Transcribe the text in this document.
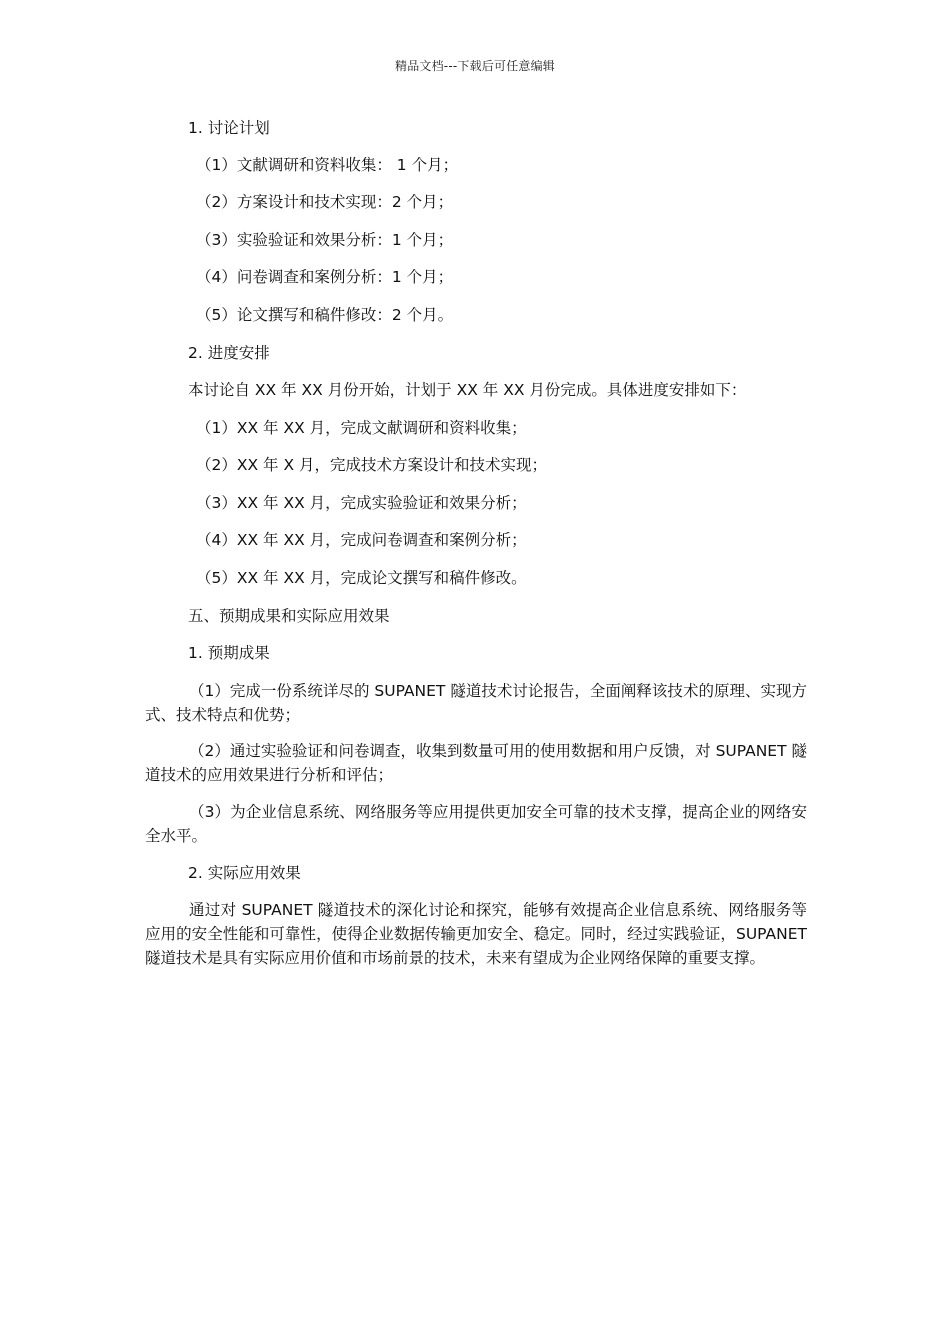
精品文档---下载后可任意编辑
1. 讨论计划
（1）文献调研和资料收集： 1 个月；
（2）方案设计和技术实现：2 个月；
（3）实验验证和效果分析：1 个月；
（4）问卷调查和案例分析：1 个月；
（5）论文撰写和稿件修改：2 个月。
2. 进度安排
本讨论自 XX 年 XX 月份开始，计划于 XX 年 XX 月份完成。具体进度安排如下：
（1）XX 年 XX 月，完成文献调研和资料收集；
（2）XX 年 X 月，完成技术方案设计和技术实现；
（3）XX 年 XX 月，完成实验验证和效果分析；
（4）XX 年 XX 月，完成问卷调查和案例分析；
（5）XX 年 XX 月，完成论文撰写和稿件修改。
五、预期成果和实际应用效果
1. 预期成果
（1）完成一份系统详尽的 SUPANET 隧道技术讨论报告，全面阐释该技术的原理、实现方式、技术特点和优势；
（2）通过实验验证和问卷调查，收集到数量可用的使用数据和用户反馈，对 SUPANET 隧道技术的应用效果进行分析和评估；
（3）为企业信息系统、网络服务等应用提供更加安全可靠的技术支撑，提高企业的网络安全水平。
2. 实际应用效果
通过对 SUPANET 隧道技术的深化讨论和探究，能够有效提高企业信息系统、网络服务等应用的安全性能和可靠性，使得企业数据传输更加安全、稳定。同时，经过实践验证，SUPANET 隧道技术是具有实际应用价值和市场前景的技术，未来有望成为企业网络保障的重要支撑。
